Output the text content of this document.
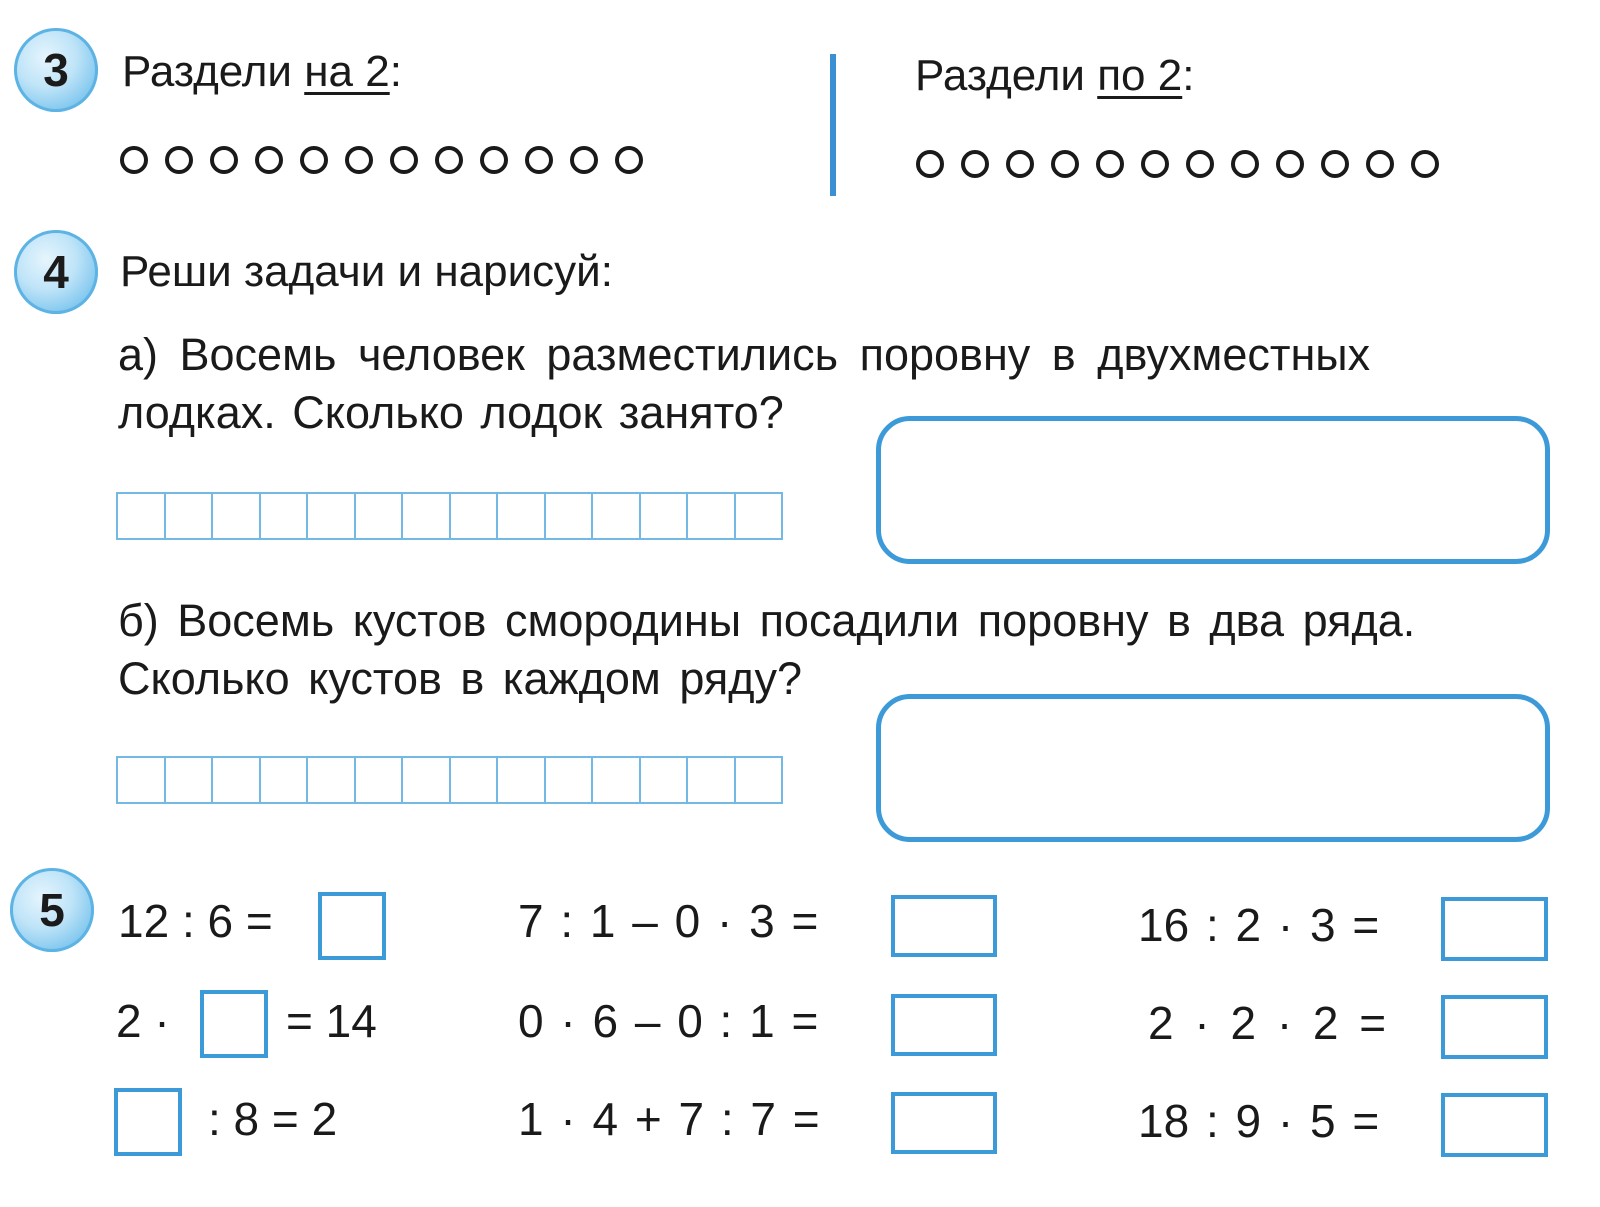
3 Раздели на 2:	Раздели по 2:
4 Реши задачи и нарисуй:
а) Восемь человек разместились поровну в двухместных
лодках. Сколько лодок занято?
б) Восемь кустов смородины посадили поровну в два ряда.
Сколько кустов в каждом ряду?
5 12 : 6 =
2 ·	= 14
: 8 = 2
7 : 1 – 0 · 3 =
0 · 6 – 0 : 1 =
1 · 4 + 7 : 7 =
16 : 2 · 3 =
2 · 2 · 2 =
18 : 9 · 5 =
